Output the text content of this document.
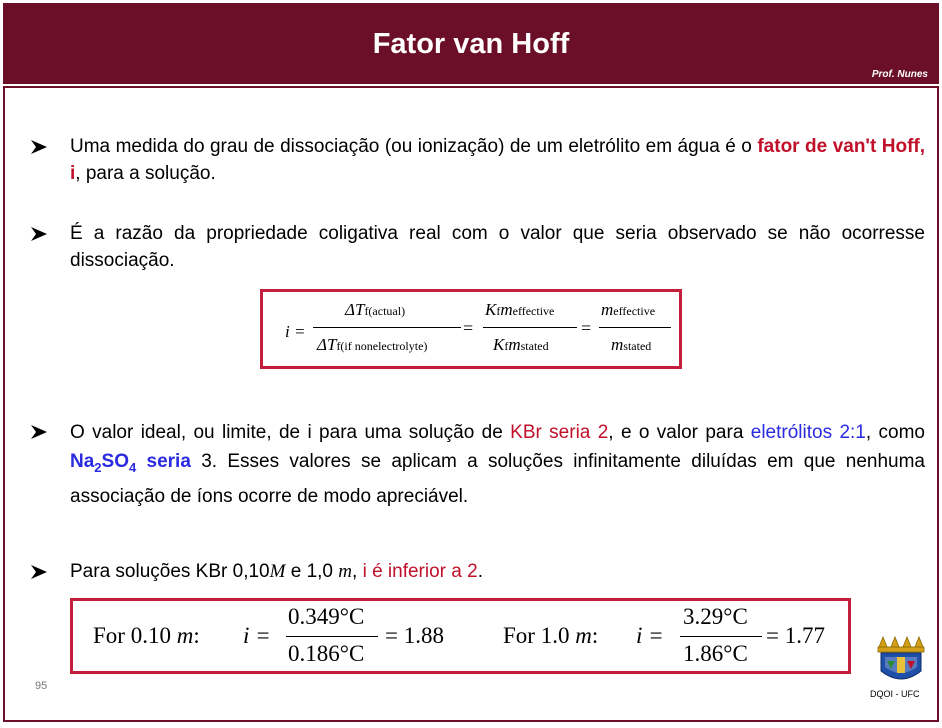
Fator van Hoff
Prof. Nunes
Uma medida do grau de dissociação (ou ionização) de um eletrólito em água é o fator de van't Hoff, i, para a solução.
É a razão da propriedade coligativa real com o valor que seria observado se não ocorresse dissociação.
i =
ΔTf(actual)
ΔTf(if nonelectrolyte)
=
Kfmeffective
Kfmstated
=
meffective
mstated
O valor ideal, ou limite, de i para uma solução de KBr seria 2, e o valor para eletrólitos 2:1, como $Na_2SO_4$ seria 3. Esses valores se aplicam a soluções infinitamente diluídas em que nenhuma associação de íons ocorre de modo apreciável.
Para soluções KBr 0,10M e 1,0 m, i é inferior a 2.
For 0.10 m: i =
0.349°C
0.186°C
= 1.88	For 1.0 m: i =
3.29°C
1.86°C
= 1.77
95
DQOI - UFC
